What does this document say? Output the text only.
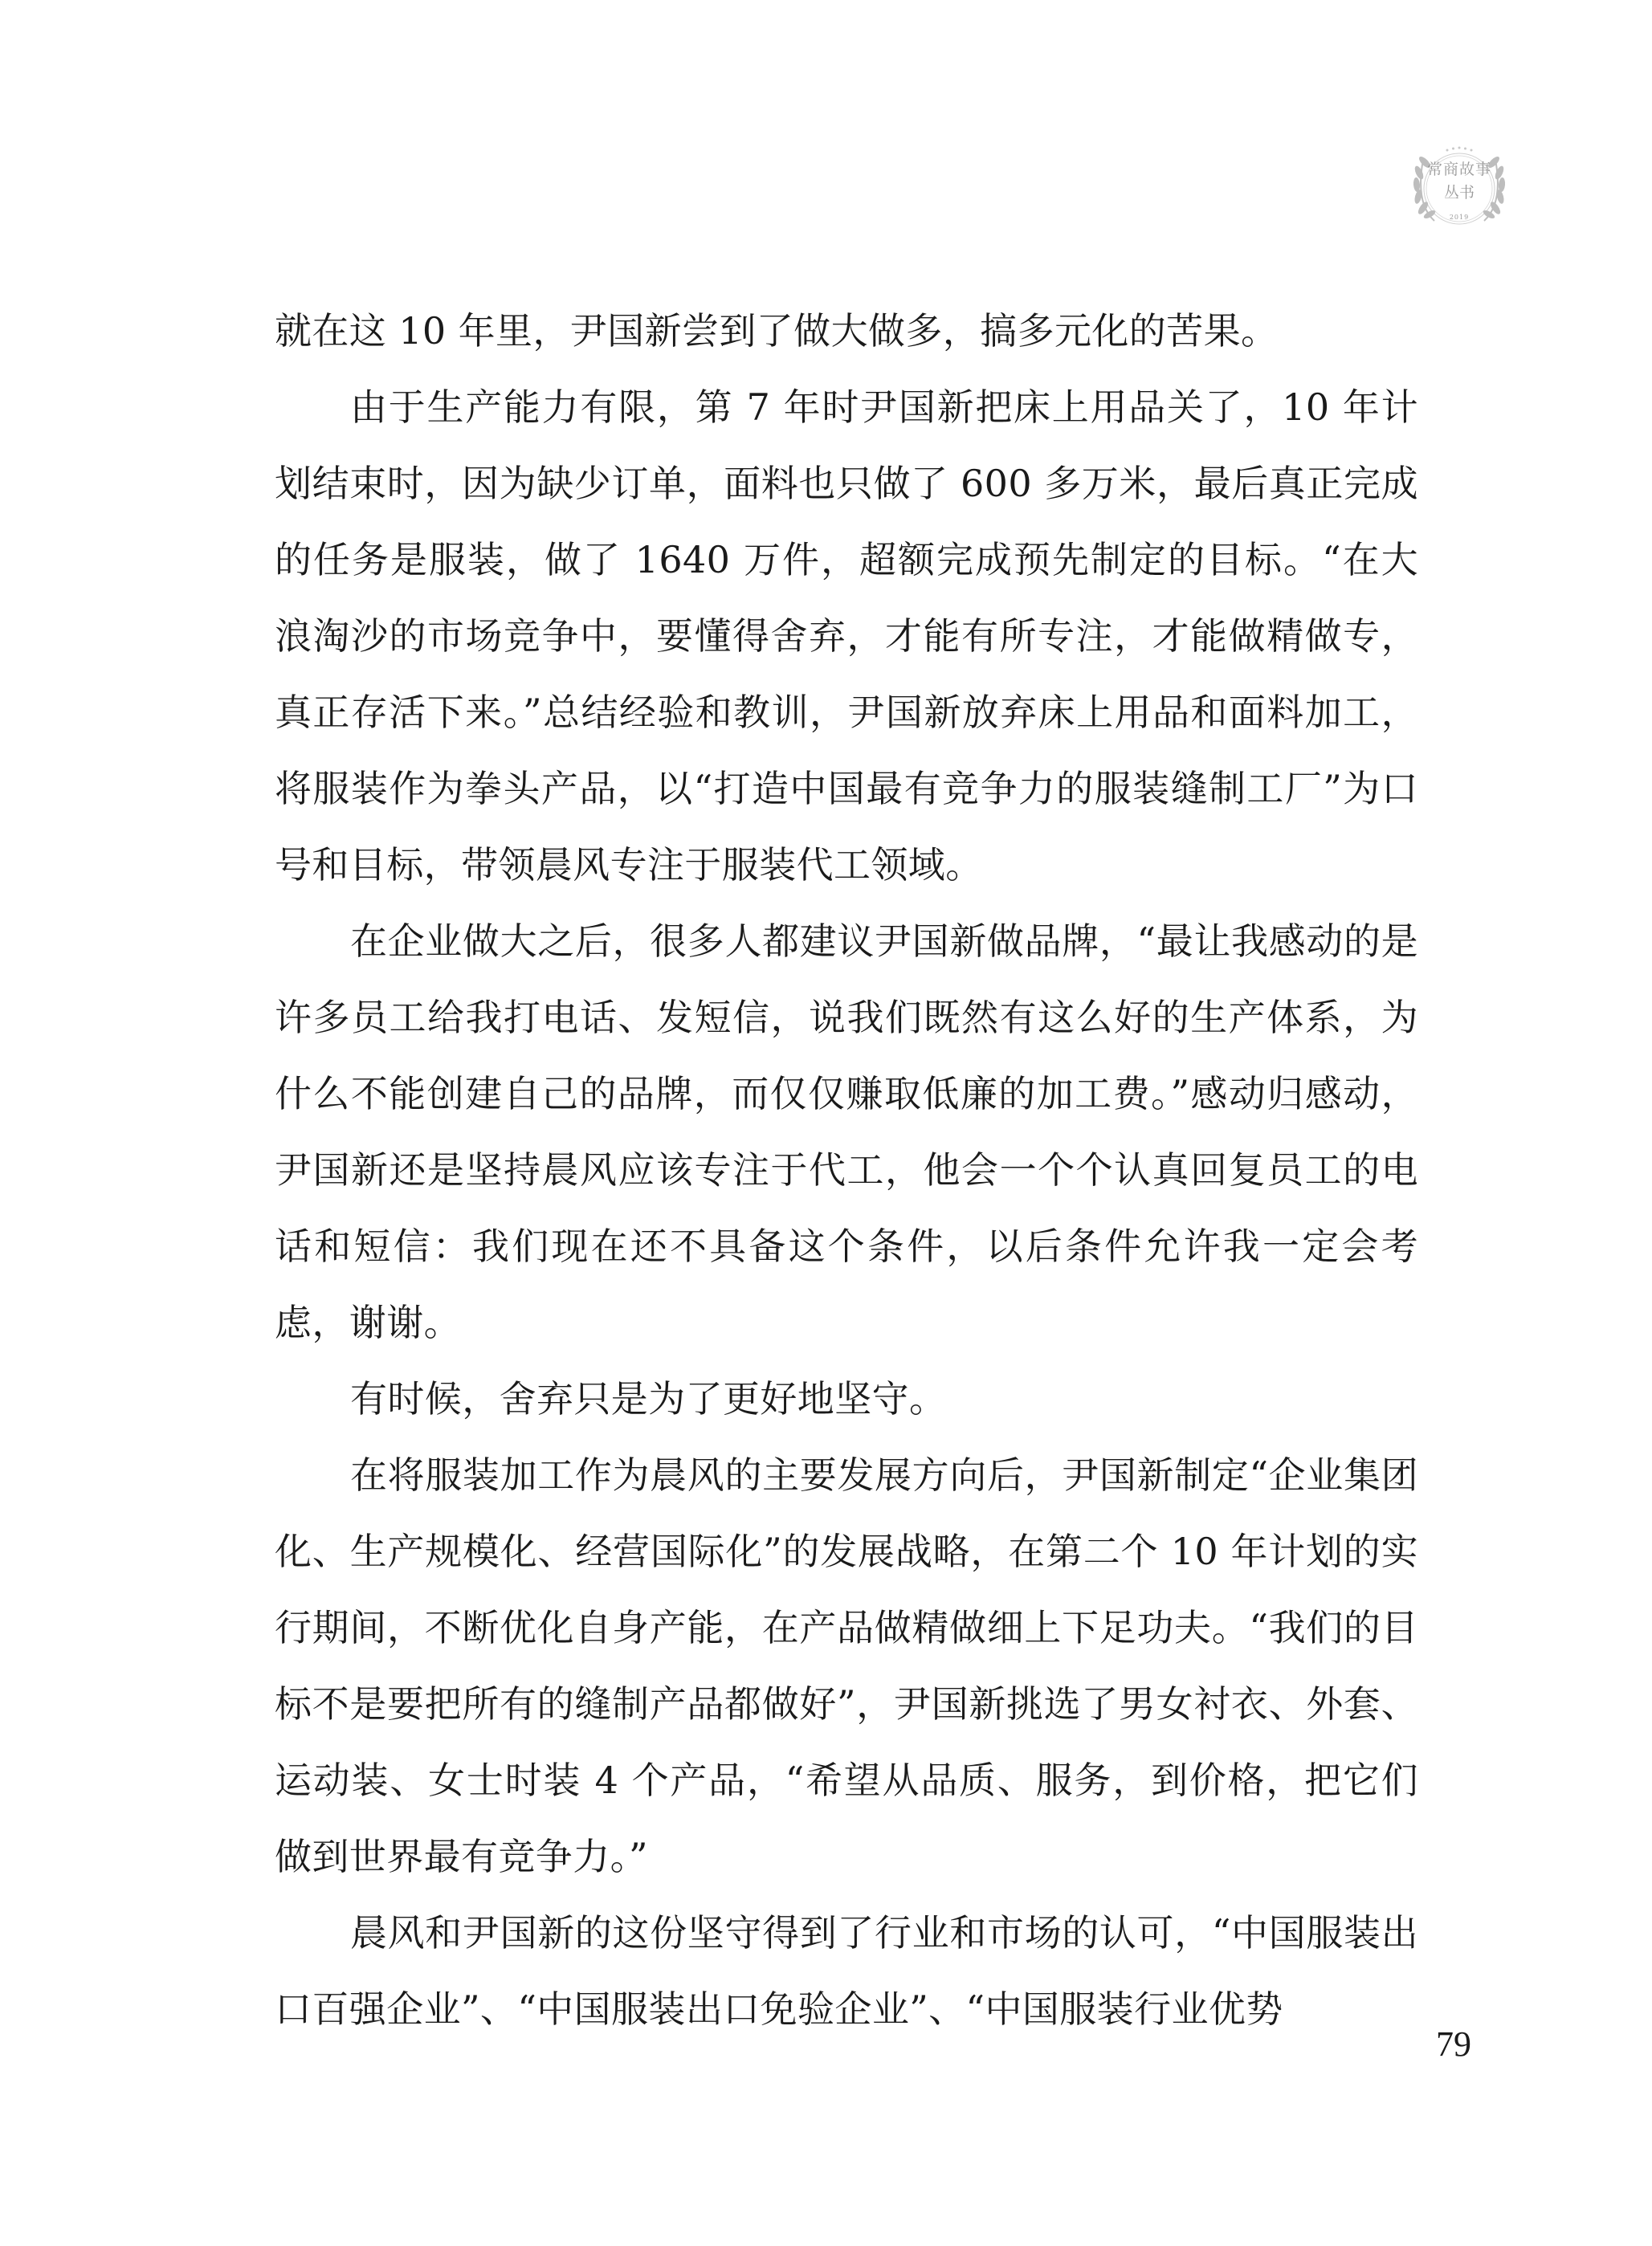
常商故事
丛书
2019

就在这 10 年里，尹国新尝到了做大做多，搞多元化的苦果。

由于生产能力有限，第 7 年时尹国新把床上用品关了，10 年计划结束时，因为缺少订单，面料也只做了 600 多万米，最后真正完成的任务是服装，做了 1640 万件，超额完成预先制定的目标。“在大浪淘沙的市场竞争中，要懂得舍弃，才能有所专注，才能做精做专，真正存活下来。”总结经验和教训，尹国新放弃床上用品和面料加工，将服装作为拳头产品，以“打造中国最有竞争力的服装缝制工厂”为口号和目标，带领晨风专注于服装代工领域。

在企业做大之后，很多人都建议尹国新做品牌，“最让我感动的是许多员工给我打电话、发短信，说我们既然有这么好的生产体系，为什么不能创建自己的品牌，而仅仅赚取低廉的加工费。”感动归感动，尹国新还是坚持晨风应该专注于代工，他会一个个认真回复员工的电话和短信：我们现在还不具备这个条件，以后条件允许我一定会考虑，谢谢。

有时候，舍弃只是为了更好地坚守。

在将服装加工作为晨风的主要发展方向后，尹国新制定“企业集团化、生产规模化、经营国际化”的发展战略，在第二个 10 年计划的实行期间，不断优化自身产能，在产品做精做细上下足功夫。“我们的目标不是要把所有的缝制产品都做好”，尹国新挑选了男女衬衣、外套、运动装、女士时装 4 个产品，“希望从品质、服务，到价格，把它们做到世界最有竞争力。”

晨风和尹国新的这份坚守得到了行业和市场的认可，“中国服装出口百强企业”、“中国服装出口免验企业”、“中国服装行业优势

79
